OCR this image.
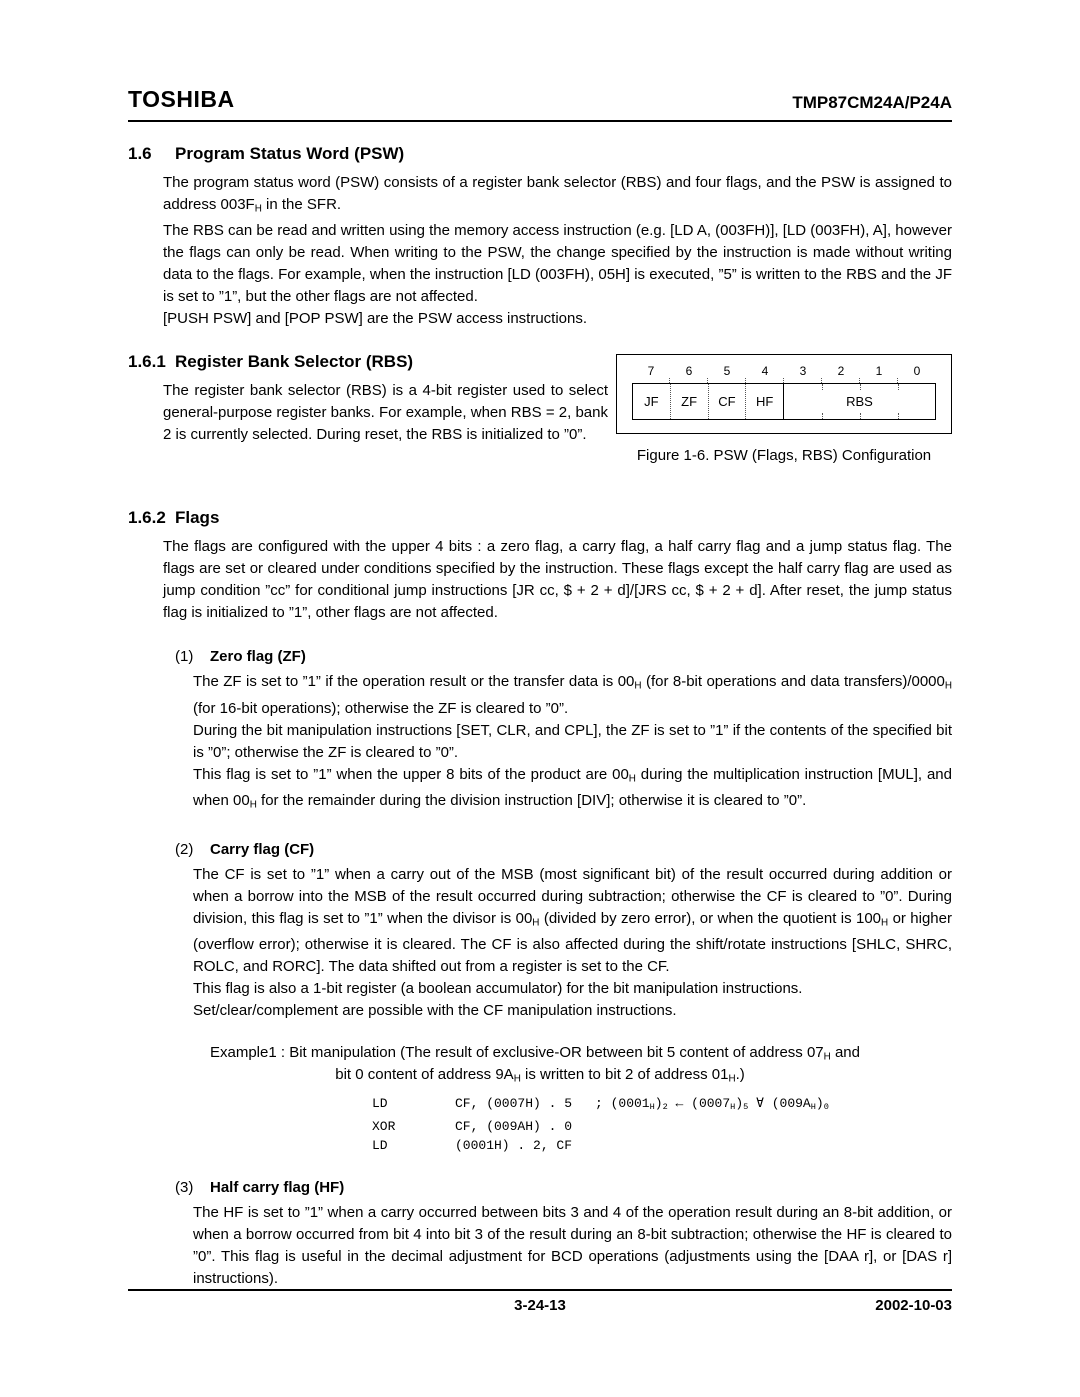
TOSHIBA	TMP87CM24A/P24A
1.6	Program Status Word (PSW)

The program status word (PSW) consists of a register bank selector (RBS) and four flags, and the PSW is assigned to address $003F_H$ in the SFR.

The RBS can be read and written using the memory access instruction (e.g. [LD A, (003FH)], [LD (003FH), A], however the flags can only be read. When writing to the PSW, the change specified by the instruction is made without writing data to the flags. For example, when the instruction [LD (003FH), 05H] is executed, ”5” is written to the RBS and the JF is set to ”1”, but the other flags are not affected.

[PUSH PSW] and [POP PSW] are the PSW access instructions.

1.6.1 Register Bank Selector (RBS)

The register bank selector (RBS) is a 4-bit register used to select general-purpose register banks. For example, when RBS = 2, bank 2 is currently selected. During reset, the RBS is initialized to ”0”.

7	6	5	4	3	2	1	0
JF	ZF	CF	HF	RBS
Figure 1-6. PSW (Flags, RBS) Configuration
1.6.2 Flags

The flags are configured with the upper 4 bits : a zero flag, a carry flag, a half carry flag and a jump status flag. The flags are set or cleared under conditions specified by the instruction. These flags except the half carry flag are used as jump condition ”cc” for conditional jump instructions [JR cc, $ + 2 + d]/[JRS cc, $ + 2 + d]. After reset, the jump status flag is initialized to ”1”, other flags are not affected.

(1)	Zero flag (ZF)

The ZF is set to ”1” if the operation result or the transfer data is $00_H$ (for 8-bit operations and data $transfers)/0000_H$ (for 16-bit operations); otherwise the ZF is cleared to ”0”.

During the bit manipulation instructions [SET, CLR, and CPL], the ZF is set to ”1” if the contents of the specified bit is ”0”; otherwise the ZF is cleared to ”0”.

This flag is set to ”1” when the upper 8 bits of the product are $00_H$ during the multiplication instruction [MUL], and when $00_H$ for the remainder during the division instruction [DIV]; otherwise it is cleared to ”0”.

(2)	Carry flag (CF)

The CF is set to ”1” when a carry out of the MSB (most significant bit) of the result occurred during addition or when a borrow into the MSB of the result occurred during subtraction; otherwise the CF is cleared to ”0”. During division, this flag is set to ”1” when the divisor is $00_H$ (divided by zero error), or when the quotient is $100_H$ or higher (overflow error); otherwise it is cleared. The CF is also affected during the shift/rotate instructions [SHLC, SHRC, ROLC, and RORC]. The data shifted out from a register is set to the CF.

This flag is also a 1-bit register (a boolean accumulator) for the bit manipulation instructions.

Set/clear/complement are possible with the CF manipulation instructions.

Example1 : Bit manipulation (The result of exclusive-OR between bit 5 content of address $07_H$ and
bit 0 content of address $9A_H$ is written to bit 2 of address $01_H$.)
LD	CF, (0007H) . 5	; $(0001_H)_2$ ← $(0007_H)_5$ ∀ $(009A_H)_0$
XOR	CF, (009AH) . 0
LD	(0001H) . 2, CF
(3)	Half carry flag (HF)

The HF is set to ”1” when a carry occurred between bits 3 and 4 of the operation result during an 8-bit addition, or when a borrow occurred from bit 4 into bit 3 of the result during an 8-bit subtraction; otherwise the HF is cleared to ”0”. This flag is useful in the decimal adjustment for BCD operations (adjustments using the [DAA r], or [DAS r] instructions).

3-24-13	2002-10-03
